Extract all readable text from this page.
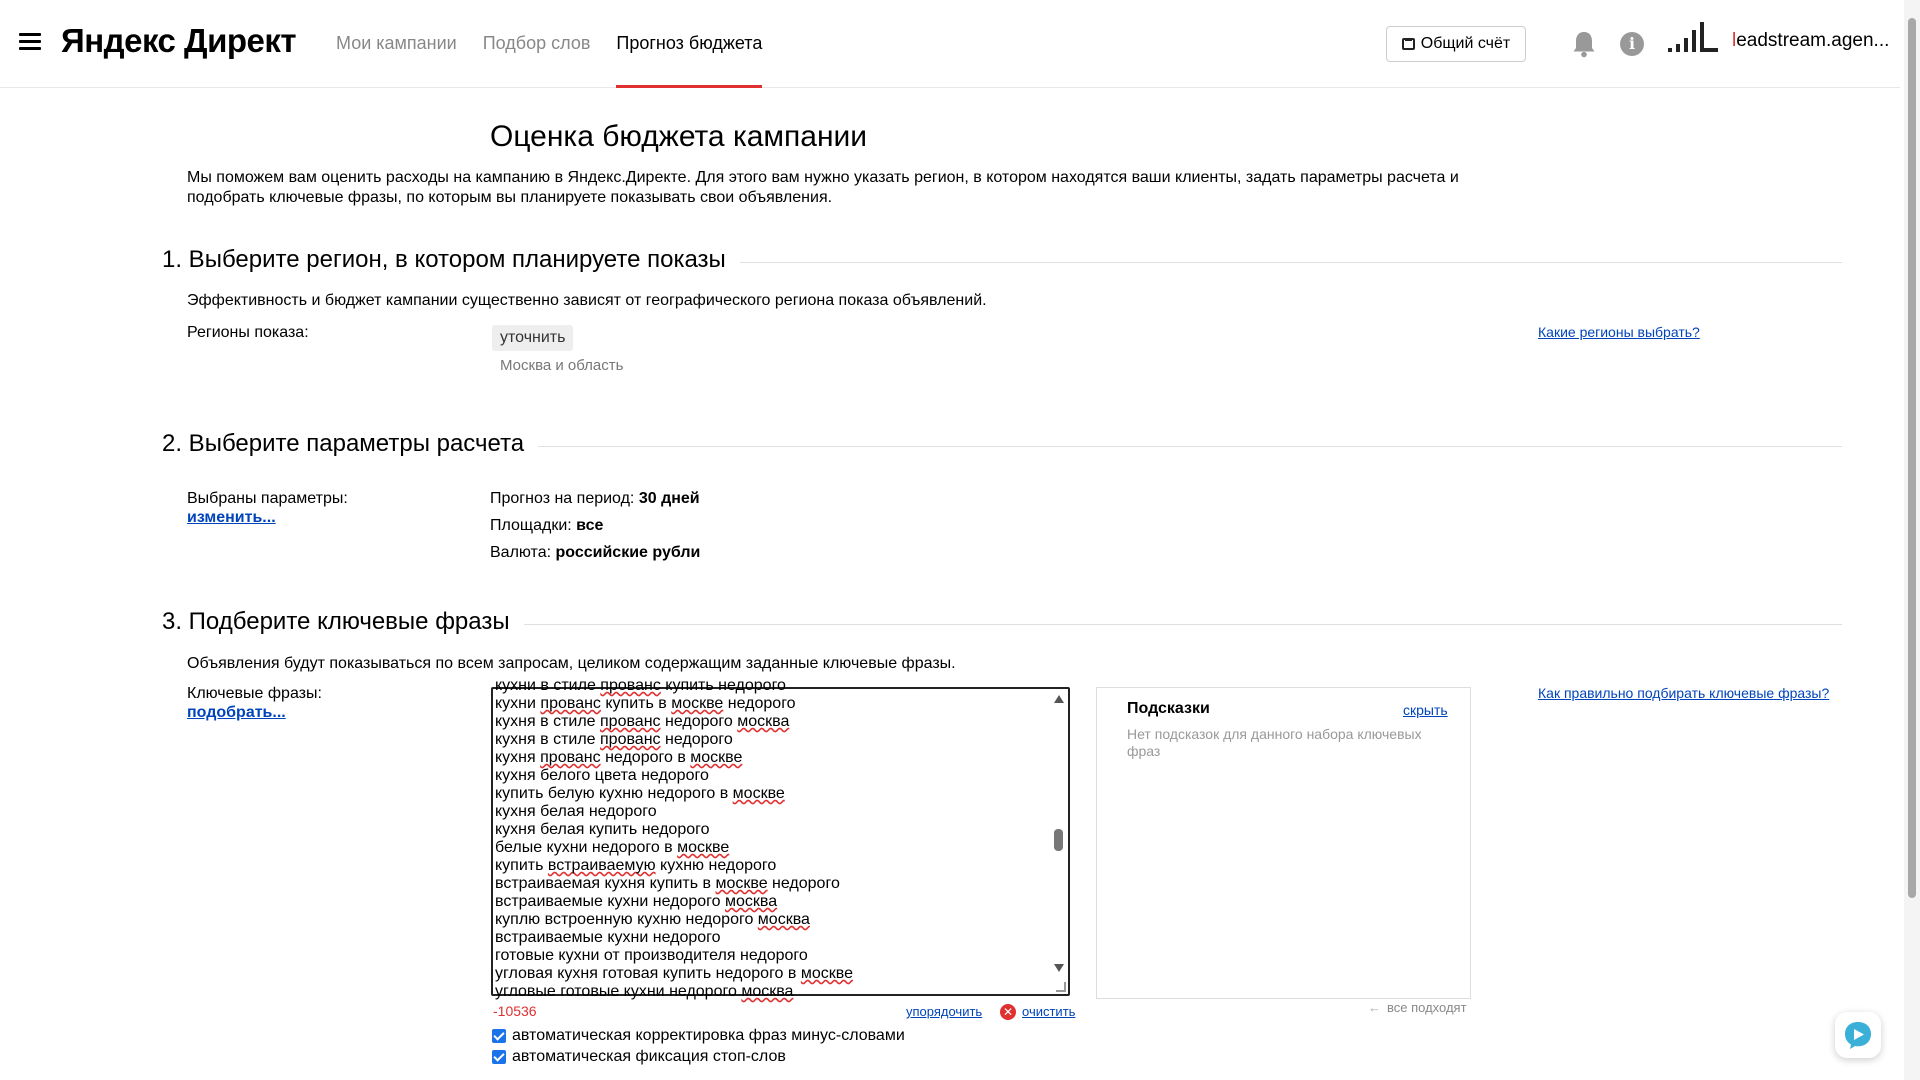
Яндекс Директ Мои кампании Подбор слов Прогноз бюджета	Общий счёт	i	leadstream.agen...
Оценка бюджета кампании
Мы поможем вам оценить расходы на кампанию в Яндекс.Директе. Для этого вам нужно указать регион, в котором находятся ваши клиенты, задать параметры расчета и подобрать ключевые фразы, по которым вы планируете показывать свои объявления.
1. Выберите регион, в котором планируете показы
Эффективность и бюджет кампании существенно зависят от географического региона показа объявлений.
Регионы показа:	уточнить
Москва и область
Какие регионы выбрать?
2. Выберите параметры расчета
Выбраны параметры:
изменить...
Прогноз на период: 30 дней
Площадки: все
Валюта: российские рубли
3. Подберите ключевые фразы
Объявления будут показываться по всем запросам, целиком содержащим заданные ключевые фразы.
Ключевые фразы:
подобрать...
Как правильно подбирать ключевые фразы?
кухни в стиле прованс купить недорого
кухни прованс купить в москве недорого
кухня в стиле прованс недорого москва
кухня в стиле прованс недорого
кухня прованс недорого в москве
кухня белого цвета недорого
купить белую кухню недорого в москве
кухня белая недорого
кухня белая купить недорого
белые кухни недорого в москве
купить встраиваемую кухню недорого
встраиваемая кухня купить в москве недорого
встраиваемые кухни недорого москва
куплю встроенную кухню недорого москва
встраиваемые кухни недорого
готовые кухни от производителя недорого
угловая кухня готовая купить недорого в москве
угловые готовые кухни недорого москва
-10536	упорядочить ✕ очистить
автоматическая корректировка фраз минус-словами
автоматическая фиксация стоп-слов
Подсказки	скрыть
Нет подсказок для данного набора ключевых фраз
← все подходят
